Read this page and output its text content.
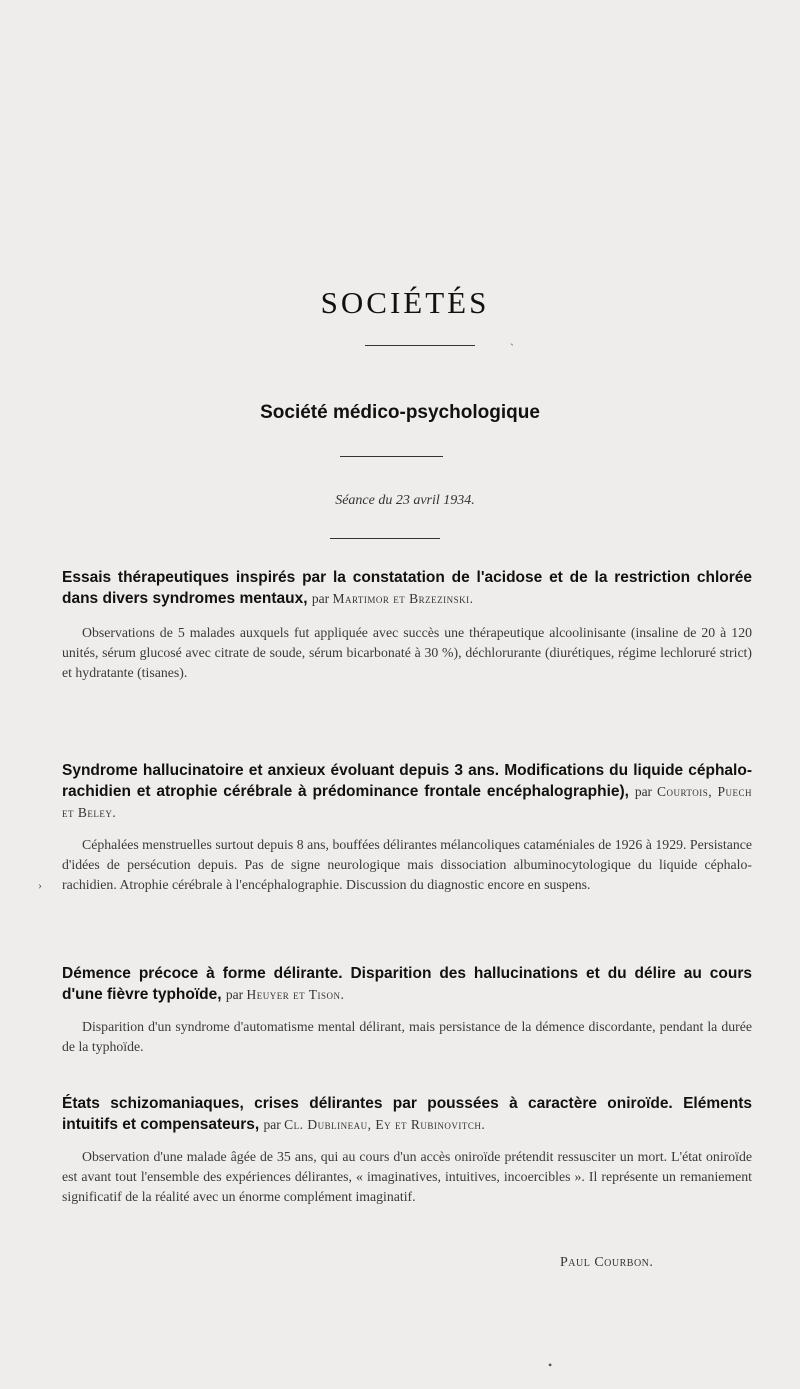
SOCIÉTÉS
ˋ
Société médico-psychologique
Séance du 23 avril 1934.

Essais thérapeutiques inspirés par la constatation de l'acidose et de la restriction chlorée dans divers syndromes mentaux, par Martimor et Brzezinski.

Observations de 5 malades auxquels fut appliquée avec succès une thérapeutique alcoolinisante (insaline de 20 à 120 unités, sérum glucosé avec citrate de soude, sérum bicarbonaté à 30 %), déchlorurante (diurétiques, régime lechloruré strict) et hydratante (tisanes).

Syndrome hallucinatoire et anxieux évoluant depuis 3 ans. Modifications du liquide céphalo-rachidien et atrophie cérébrale à prédominance frontale encéphalographie), par Courtois, Puech et Beley.

Céphalées menstruelles surtout depuis 8 ans, bouffées délirantes mélancoliques cataméniales de 1926 à 1929. Persistance d'idées de persécution depuis. Pas de signe neurologique mais dissociation albuminocytologique du liquide céphalo-rachidien. Atrophie cérébrale à l'encéphalographie. Discussion du diagnostic encore en suspens.

Démence précoce à forme délirante. Disparition des hallucinations et du délire au cours d'une fièvre typhoïde, par Heuyer et Tison.

Disparition d'un syndrome d'automatisme mental délirant, mais persistance de la démence discordante, pendant la durée de la typhoïde.

États schizomaniaques, crises délirantes par poussées à caractère oniroïde. Eléments intuitifs et compensateurs, par Cl. Dublineau, Ey et Rubinovitch.

Observation d'une malade âgée de 35 ans, qui au cours d'un accès oniroïde prétendit ressusciter un mort. L'état oniroïde est avant tout l'ensemble des expériences délirantes, « imaginatives, intuitives, incoercibles ». Il représente un remaniement significatif de la réalité avec un énorme complément imaginatif.

Paul Courbon.
›
•
